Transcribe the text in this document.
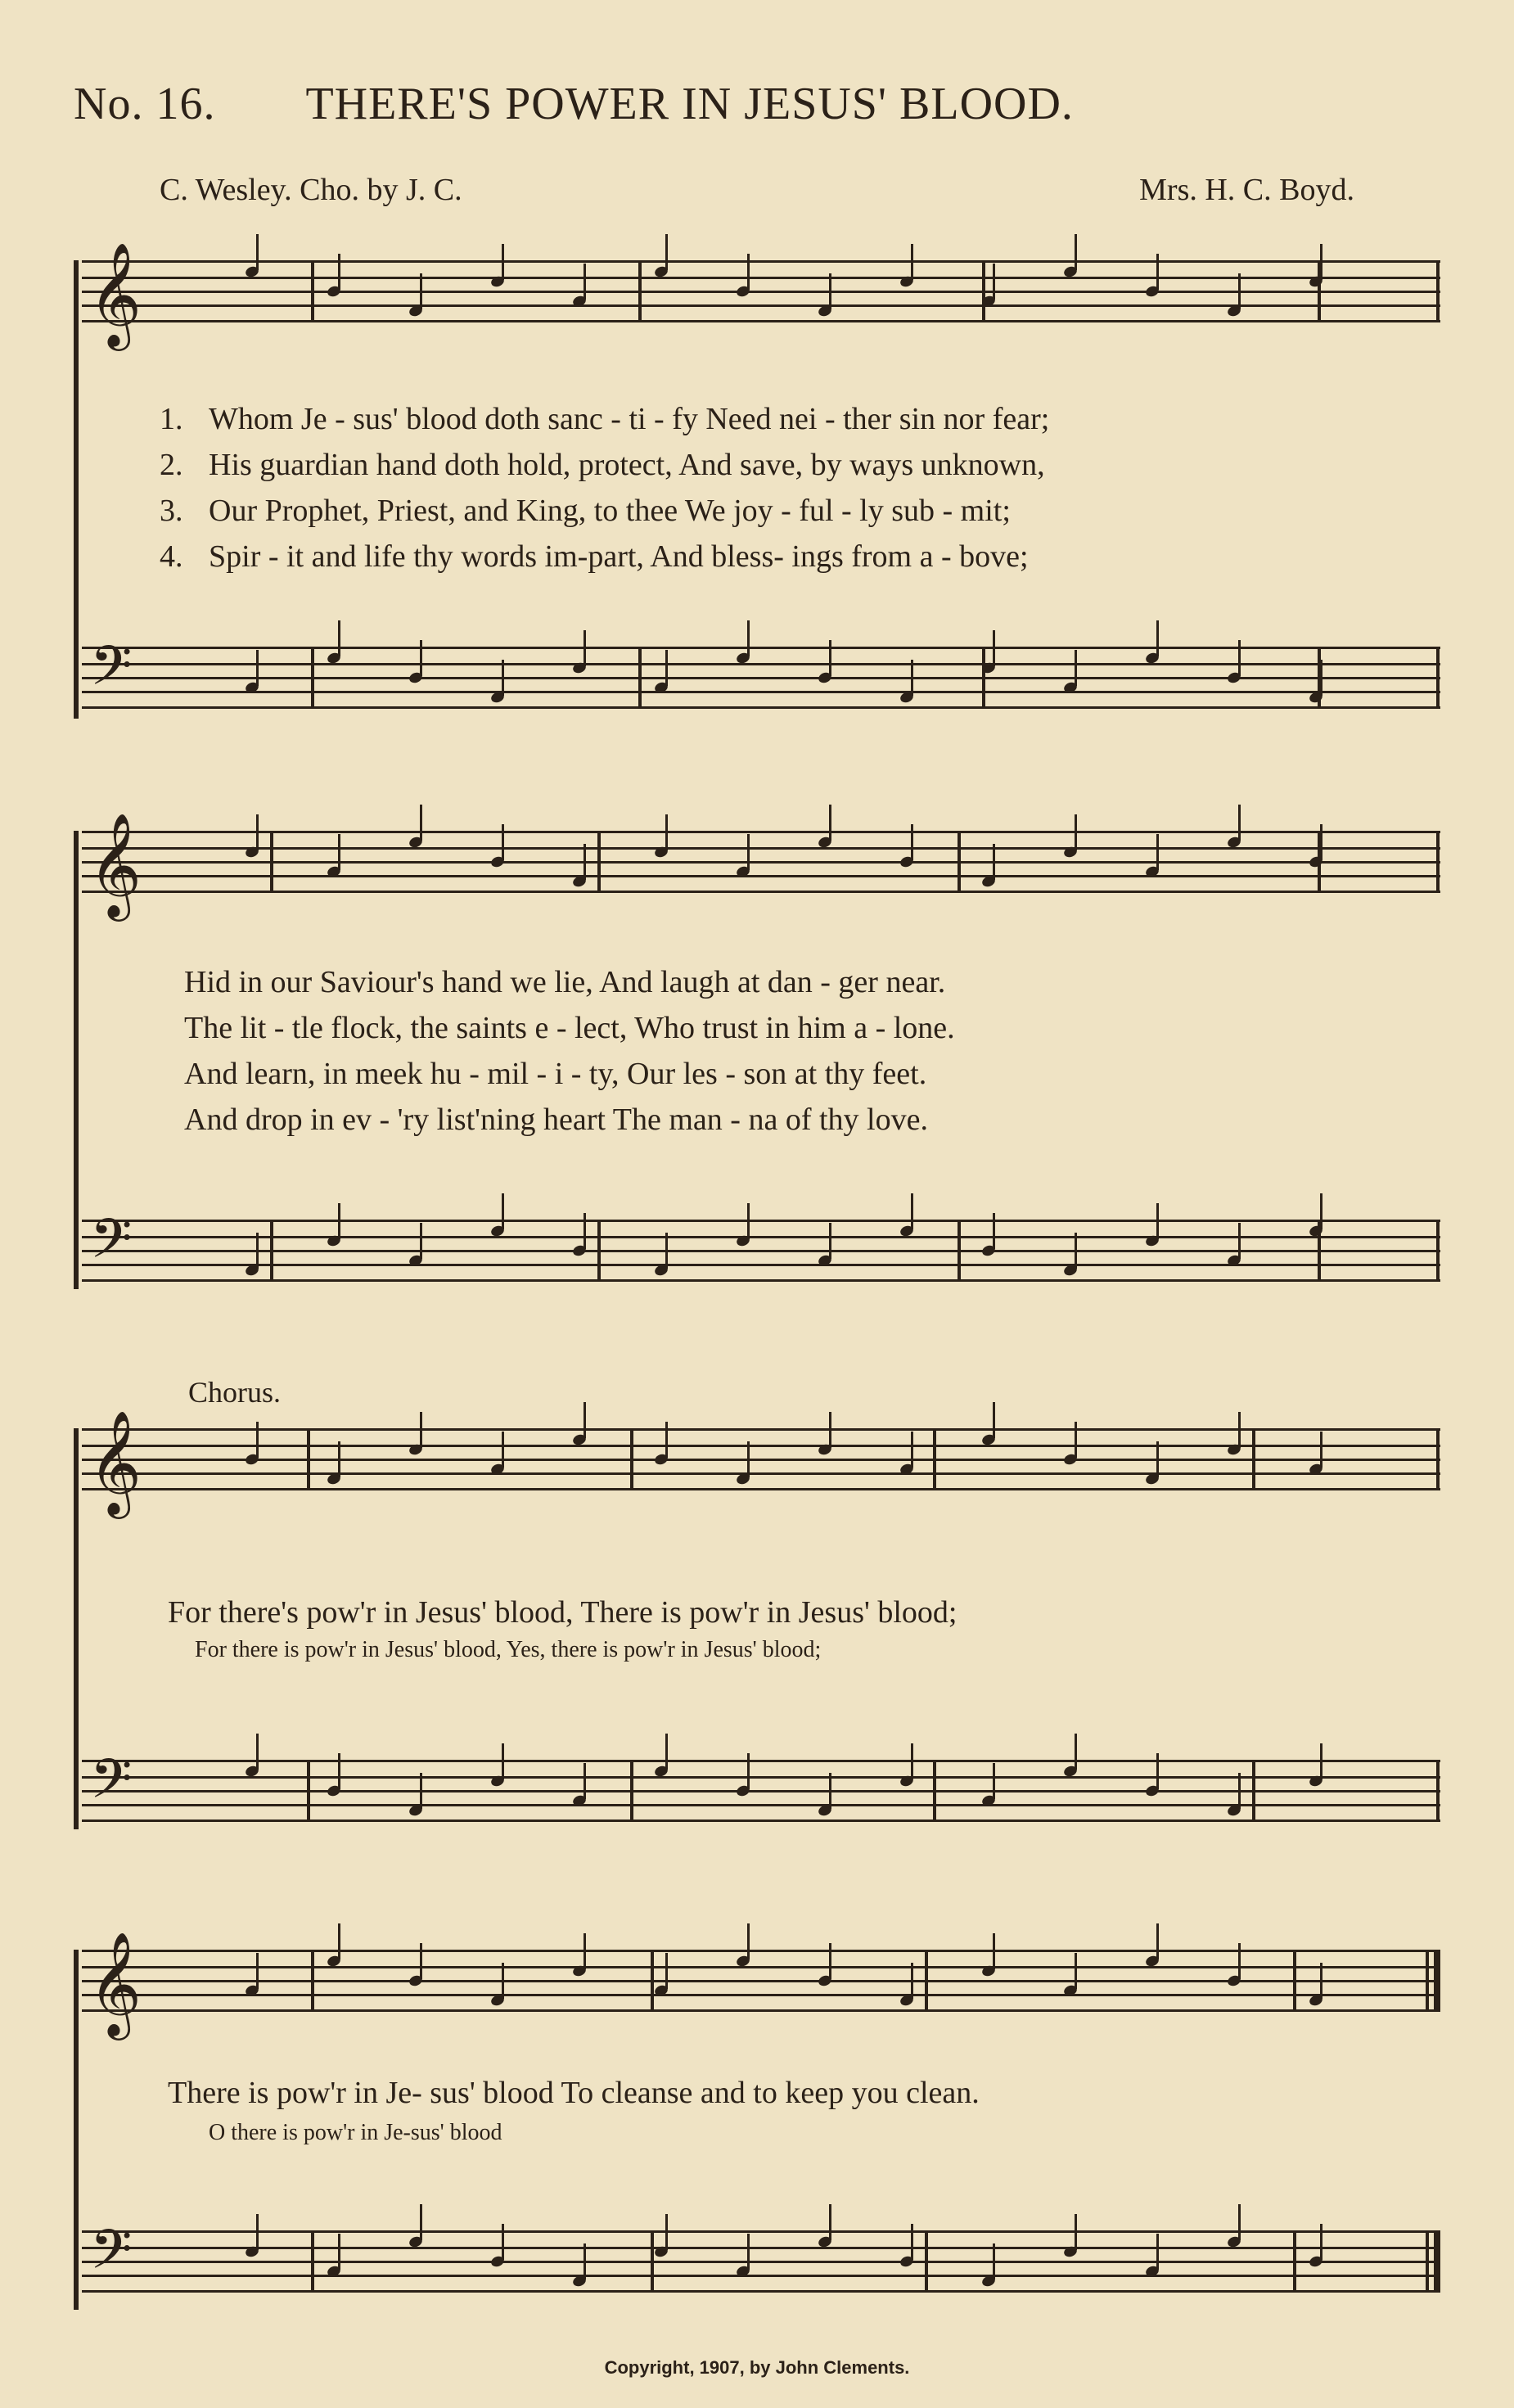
No. 16. THERE'S POWER IN JESUS' BLOOD.
C. Wesley. Cho. by J. C.	Mrs. H. C. Boyd.
𝄞
1. Whom Je - sus' blood doth sanc - ti - fy Need nei - ther sin nor fear;
2. His guardian hand doth hold, protect, And save, by ways unknown,
3. Our Prophet, Priest, and King, to thee We joy - ful - ly sub - mit;
4. Spir - it and life thy words im-part, And bless- ings from a - bove;
𝄢
𝄞
Hid in our Saviour's hand we lie, And laugh at dan - ger near.
The lit - tle flock, the saints e - lect, Who trust in him a - lone.
And learn, in meek hu - mil - i - ty, Our les - son at thy feet.
And drop in ev - 'ry list'ning heart The man - na of thy love.
𝄢
Chorus.
𝄞
For there's pow'r in Jesus' blood, There is pow'r in Jesus' blood;
For there is pow'r in Jesus' blood, Yes, there is pow'r in Jesus' blood;
𝄢
𝄞
There is pow'r in Je- sus' blood To cleanse and to keep you clean.
O there is pow'r in Je-sus' blood
𝄢
Copyright, 1907, by John Clements.
